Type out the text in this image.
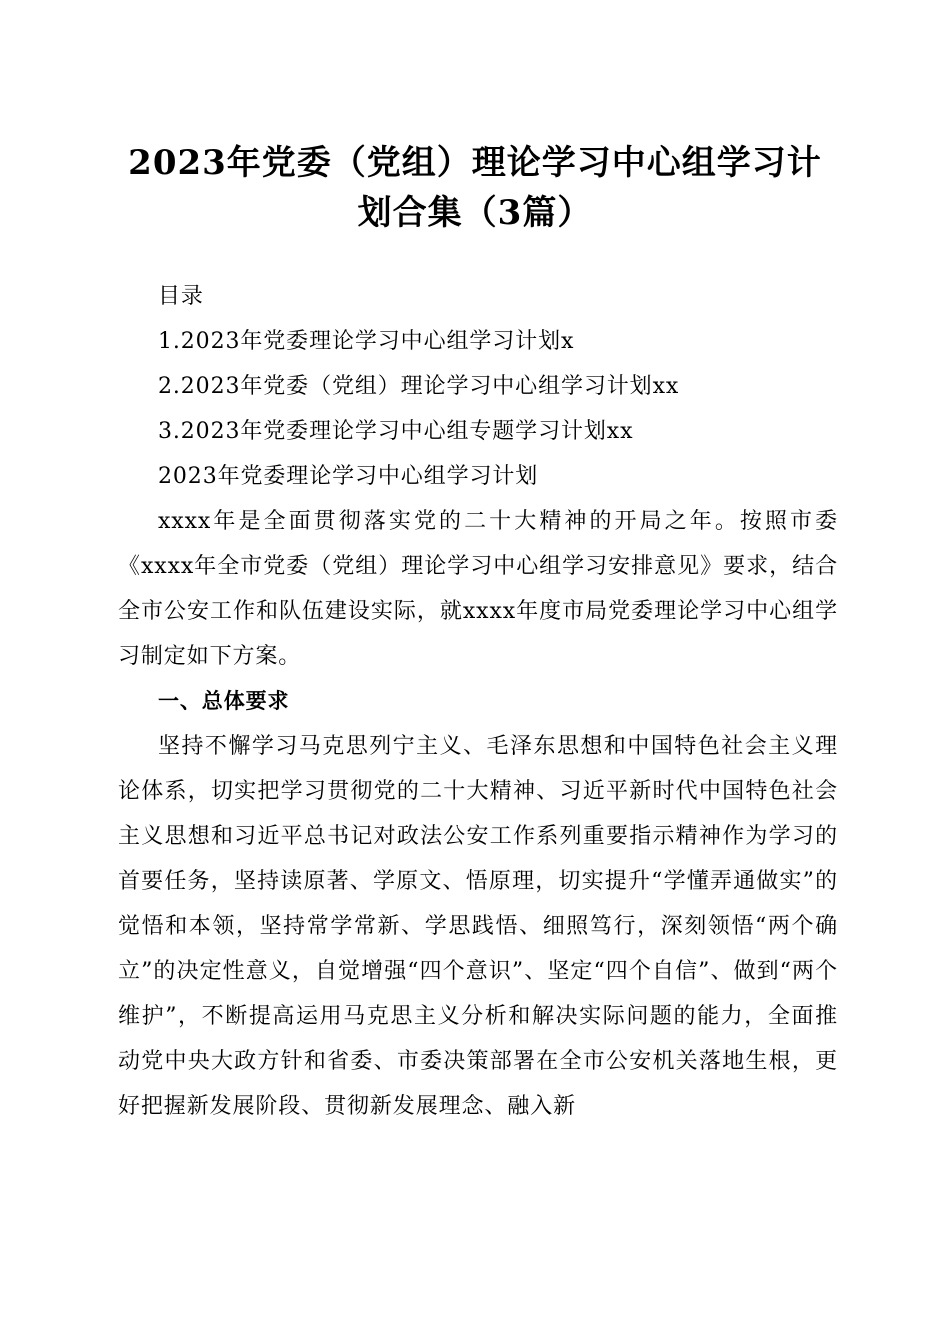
2023年党委（党组）理论学习中心组学习计
划合集（3篇）

目录

1.2023年党委理论学习中心组学习计划x

2.2023年党委（党组）理论学习中心组学习计划xx

3.2023年党委理论学习中心组专题学习计划xx

2023年党委理论学习中心组学习计划

xxxx年是全面贯彻落实党的二十大精神的开局之年。按照市委《xxxx年全市党委（党组）理论学习中心组学习安排意见》要求，结合全市公安工作和队伍建设实际，就xxxx年度市局党委理论学习中心组学习制定如下方案。

一、总体要求

坚持不懈学习马克思列宁主义、毛泽东思想和中国特色社会主义理论体系，切实把学习贯彻党的二十大精神、习近平新时代中国特色社会主义思想和习近平总书记对政法公安工作系列重要指示精神作为学习的首要任务，坚持读原著、学原文、悟原理，切实提升“学懂弄通做实”的觉悟和本领，坚持常学常新、学思践悟、细照笃行，深刻领悟“两个确立”的决定性意义，自觉增强“四个意识”、坚定“四个自信”、做到“两个维护”，不断提高运用马克思主义分析和解决实际问题的能力，全面推动党中央大政方针和省委、市委决策部署在全市公安机关落地生根，更好把握新发展阶段、贯彻新发展理念、融入新
